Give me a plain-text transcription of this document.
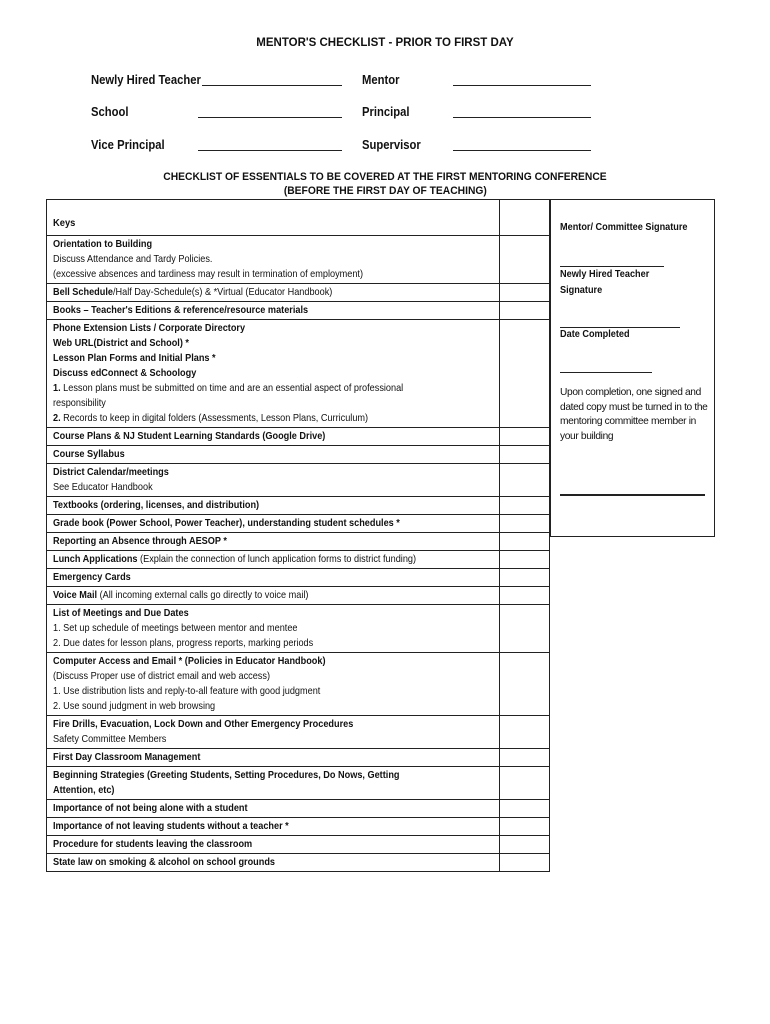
MENTOR'S CHECKLIST - PRIOR TO FIRST DAY
Newly Hired Teacher	Mentor
School	Principal
Vice Principal	Supervisor
CHECKLIST OF ESSENTIALS TO BE COVERED AT THE FIRST MENTORING CONFERENCE
(BEFORE THE FIRST DAY OF TEACHING)
Keys
Orientation to Building
Discuss Attendance and Tardy Policies.
(excessive absences and tardiness may result in termination of employment)
Bell Schedule/Half Day-Schedule(s) & *Virtual (Educator Handbook)
Books – Teacher's Editions & reference/resource materials
Phone Extension Lists / Corporate Directory
Web URL(District and School) *
Lesson Plan Forms and Initial Plans *
Discuss edConnect & Schoology
1. Lesson plans must be submitted on time and are an essential aspect of professional
responsibility
2. Records to keep in digital folders (Assessments, Lesson Plans, Curriculum)
Course Plans & NJ Student Learning Standards (Google Drive)
Course Syllabus
District Calendar/meetings
See Educator Handbook
Textbooks (ordering, licenses, and distribution)
Grade book (Power School, Power Teacher), understanding student schedules *
Reporting an Absence through AESOP *
Lunch Applications (Explain the connection of lunch application forms to district funding)
Emergency Cards
Voice Mail (All incoming external calls go directly to voice mail)
List of Meetings and Due Dates
1. Set up schedule of meetings between mentor and mentee
2. Due dates for lesson plans, progress reports, marking periods
Computer Access and Email * (Policies in Educator Handbook)
(Discuss Proper use of district email and web access)
1. Use distribution lists and reply-to-all feature with good judgment
2. Use sound judgment in web browsing
Fire Drills, Evacuation, Lock Down and Other Emergency Procedures
Safety Committee Members
First Day Classroom Management
Beginning Strategies (Greeting Students, Setting Procedures, Do Nows, Getting
Attention, etc)
Importance of not being alone with a student
Importance of not leaving students without a teacher *
Procedure for students leaving the classroom
State law on smoking & alcohol on school grounds
Mentor/ Committee Signature
Newly Hired Teacher
Signature
Date Completed
Upon completion, one signed and dated copy must be turned in to the mentoring committee member in your building
